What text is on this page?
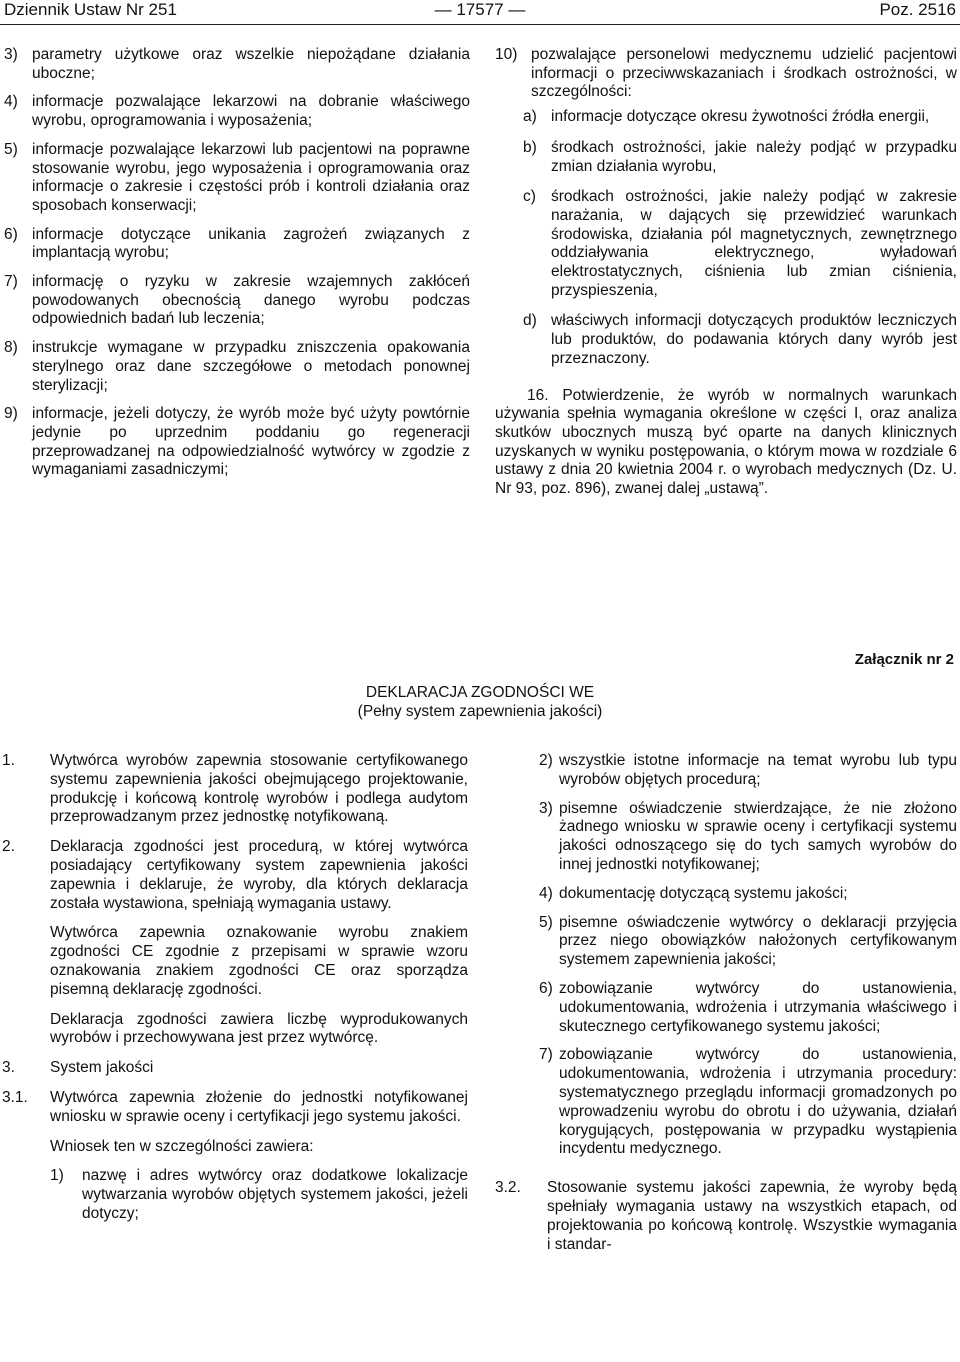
Dziennik Ustaw Nr 251	— 17577 —	Poz. 2516
3) parametry użytkowe oraz wszelkie niepożądane działania uboczne;
4) informacje pozwalające lekarzowi na dobranie właściwego wyrobu, oprogramowania i wyposażenia;
5) informacje pozwalające lekarzowi lub pacjentowi na poprawne stosowanie wyrobu, jego wyposażenia i oprogramowania oraz informacje o zakresie i częstości prób i kontroli działania oraz sposobach konserwacji;
6) informacje dotyczące unikania zagrożeń związanych z implantacją wyrobu;
7) informację o ryzyku w zakresie wzajemnych zakłóceń powodowanych obecnością danego wyrobu podczas odpowiednich badań lub leczenia;
8) instrukcje wymagane w przypadku zniszczenia opakowania sterylnego oraz dane szczegółowe o metodach ponownej sterylizacji;
9) informacje, jeżeli dotyczy, że wyrób może być użyty powtórnie jedynie po uprzednim poddaniu go regeneracji przeprowadzanej na odpowiedzialność wytwórcy w zgodzie z wymaganiami zasadniczymi;
10) pozwalające personelowi medycznemu udzielić pacjentowi informacji o przeciwwskazaniach i środkach ostrożności, w szczególności:
a) informacje dotyczące okresu żywotności źródła energii,
b) środkach ostrożności, jakie należy podjąć w przypadku zmian działania wyrobu,
c) środkach ostrożności, jakie należy podjąć w zakresie narażania, w dających się przewidzieć warunkach środowiska, działania pól magnetycznych, zewnętrznego oddziaływania elektrycznego, wyładowań elektrostatycznych, ciśnienia lub zmian ciśnienia, przyspieszenia,
d) właściwych informacji dotyczących produktów leczniczych lub produktów, do podawania których dany wyrób jest przeznaczony.
16. Potwierdzenie, że wyrób w normalnych warunkach używania spełnia wymagania określone w części I, oraz analiza skutków ubocznych muszą być oparte na danych klinicznych uzyskanych w wyniku postępowania, o którym mowa w rozdziale 6 ustawy z dnia 20 kwietnia 2004 r. o wyrobach medycznych (Dz. U. Nr 93, poz. 896), zwanej dalej „ustawą”.
Załącznik nr 2
DEKLARACJA ZGODNOŚCI WE
(Pełny system zapewnienia jakości)
1. Wytwórca wyrobów zapewnia stosowanie certyfikowanego systemu zapewnienia jakości obejmującego projektowanie, produkcję i końcową kontrolę wyrobów i podlega audytom przeprowadzanym przez jednostkę notyfikowaną.
2. Deklaracja zgodności jest procedurą, w której wytwórca posiadający certyfikowany system zapewnienia jakości zapewnia i deklaruje, że wyroby, dla których deklaracja została wystawiona, spełniają wymagania ustawy.
Wytwórca zapewnia oznakowanie wyrobu znakiem zgodności CE zgodnie z przepisami w sprawie wzoru oznakowania znakiem zgodności CE oraz sporządza pisemną deklarację zgodności.
Deklaracja zgodności zawiera liczbę wyprodukowanych wyrobów i przechowywana jest przez wytwórcę.
3. System jakości
3.1. Wytwórca zapewnia złożenie do jednostki notyfikowanej wniosku w sprawie oceny i certyfikacji jego systemu jakości.
Wniosek ten w szczególności zawiera:
1) nazwę i adres wytwórcy oraz dodatkowe lokalizacje wytwarzania wyrobów objętych systemem jakości, jeżeli dotyczy;
2) wszystkie istotne informacje na temat wyrobu lub typu wyrobów objętych procedurą;
3) pisemne oświadczenie stwierdzające, że nie złożono żadnego wniosku w sprawie oceny i certyfikacji systemu jakości odnoszącego się do tych samych wyrobów do innej jednostki notyfikowanej;
4) dokumentację dotyczącą systemu jakości;
5) pisemne oświadczenie wytwórcy o deklaracji przyjęcia przez niego obowiązków nałożonych certyfikowanym systemem zapewnienia jakości;
6) zobowiązanie wytwórcy do ustanowienia, udokumentowania, wdrożenia i utrzymania właściwego i skutecznego certyfikowanego systemu jakości;
7) zobowiązanie wytwórcy do ustanowienia, udokumentowania, wdrożenia i utrzymania procedury: systematycznego przeglądu informacji gromadzonych po wprowadzeniu wyrobu do obrotu i do używania, działań korygujących, postępowania w przypadku wystąpienia incydentu medycznego.
3.2. Stosowanie systemu jakości zapewnia, że wyroby będą spełniały wymagania ustawy na wszystkich etapach, od projektowania po końcową kontrolę. Wszystkie wymagania i standar-
